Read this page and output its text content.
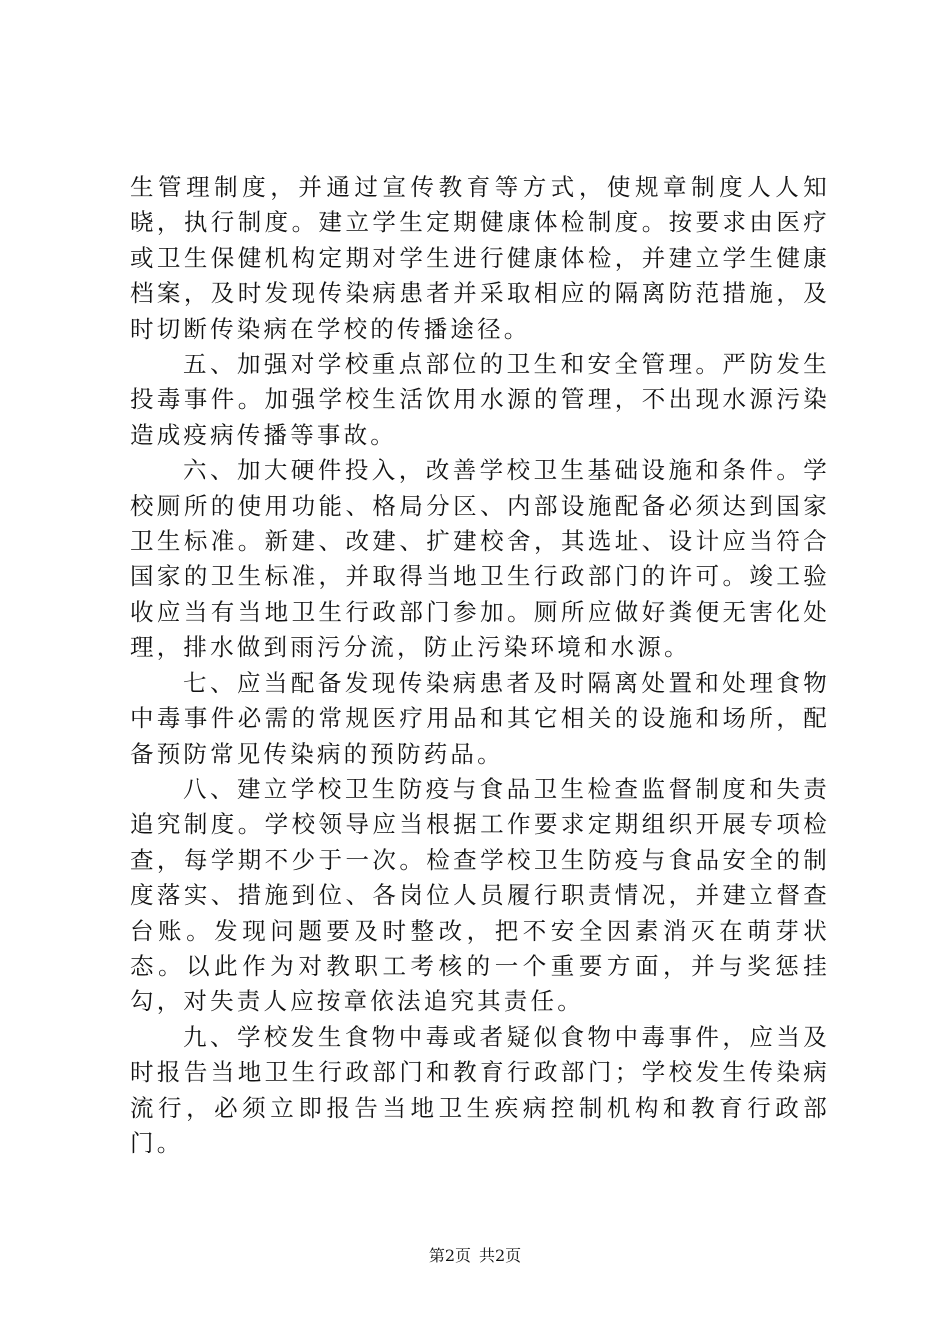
生管理制度，并通过宣传教育等方式，使规章制度人人知晓，执行制度。建立学生定期健康体检制度。按要求由医疗或卫生保健机构定期对学生进行健康体检，并建立学生健康档案，及时发现传染病患者并采取相应的隔离防范措施，及时切断传染病在学校的传播途径。

五、加强对学校重点部位的卫生和安全管理。严防发生投毒事件。加强学校生活饮用水源的管理，不出现水源污染造成疫病传播等事故。

六、加大硬件投入，改善学校卫生基础设施和条件。学校厕所的使用功能、格局分区、内部设施配备必须达到国家卫生标准。新建、改建、扩建校舍，其选址、设计应当符合国家的卫生标准，并取得当地卫生行政部门的许可。竣工验收应当有当地卫生行政部门参加。厕所应做好粪便无害化处理，排水做到雨污分流，防止污染环境和水源。

七、应当配备发现传染病患者及时隔离处置和处理食物中毒事件必需的常规医疗用品和其它相关的设施和场所，配备预防常见传染病的预防药品。

八、建立学校卫生防疫与食品卫生检查监督制度和失责追究制度。学校领导应当根据工作要求定期组织开展专项检查，每学期不少于一次。检查学校卫生防疫与食品安全的制度落实、措施到位、各岗位人员履行职责情况，并建立督查台账。发现问题要及时整改，把不安全因素消灭在萌芽状态。以此作为对教职工考核的一个重要方面，并与奖惩挂勾，对失责人应按章依法追究其责任。

九、学校发生食物中毒或者疑似食物中毒事件，应当及时报告当地卫生行政部门和教育行政部门；学校发生传染病流行，必须立即报告当地卫生疾病控制机构和教育行政部门。

第2页 共2页
